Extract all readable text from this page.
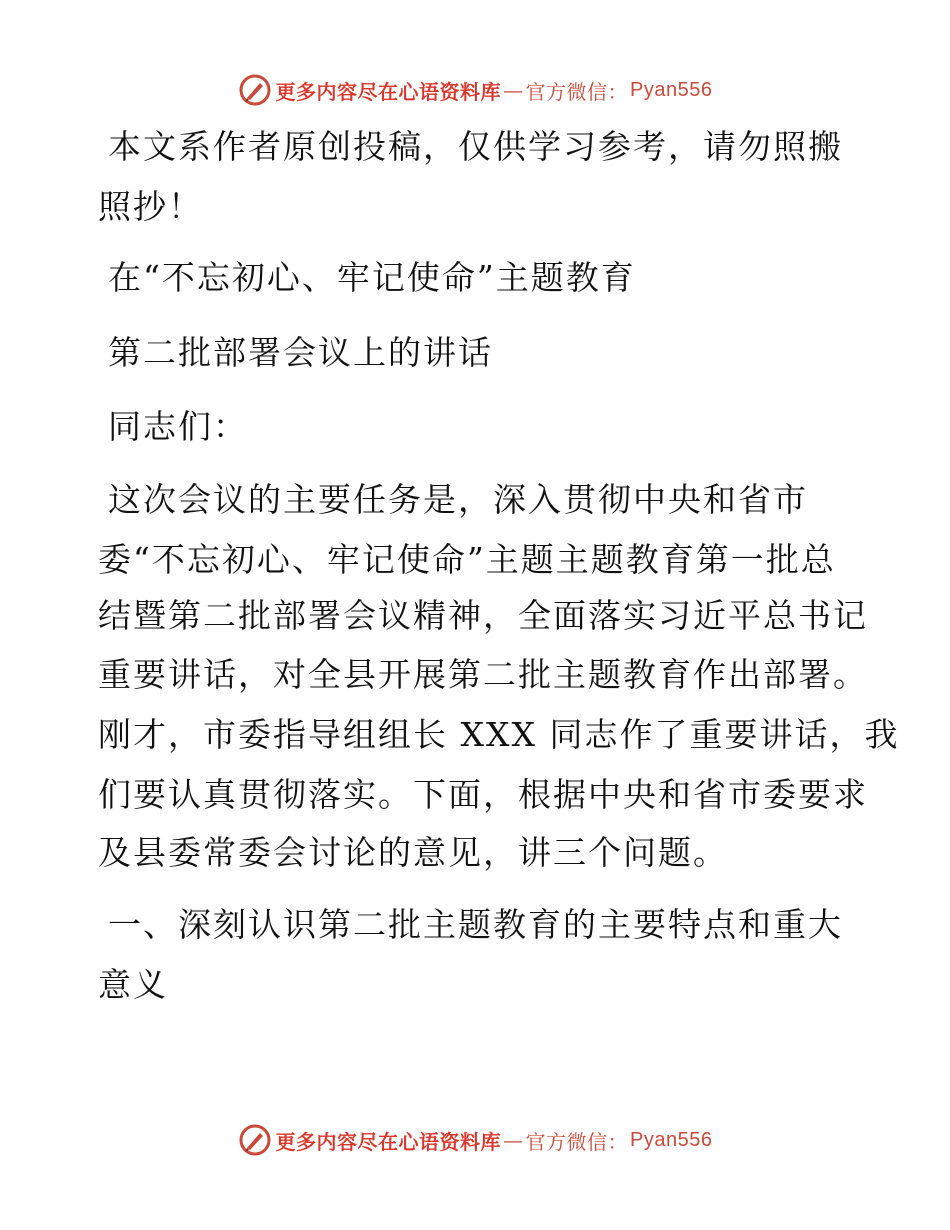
更多内容尽在心语资料库 — 官方微信： Pyan556
本文系作者原创投稿，仅供学习参考，请勿照搬
照抄！
在“不忘初心、牢记使命”主题教育
第二批部署会议上的讲话
同志们：
这次会议的主要任务是，深入贯彻中央和省市
委“不忘初心、牢记使命”主题主题教育第一批总
结暨第二批部署会议精神，全面落实习近平总书记
重要讲话，对全县开展第二批主题教育作出部署。
刚才，市委指导组组长 XXX 同志作了重要讲话，我
们要认真贯彻落实。下面，根据中央和省市委要求
及县委常委会讨论的意见，讲三个问题。
一、深刻认识第二批主题教育的主要特点和重大
意义
更多内容尽在心语资料库 — 官方微信： Pyan556
